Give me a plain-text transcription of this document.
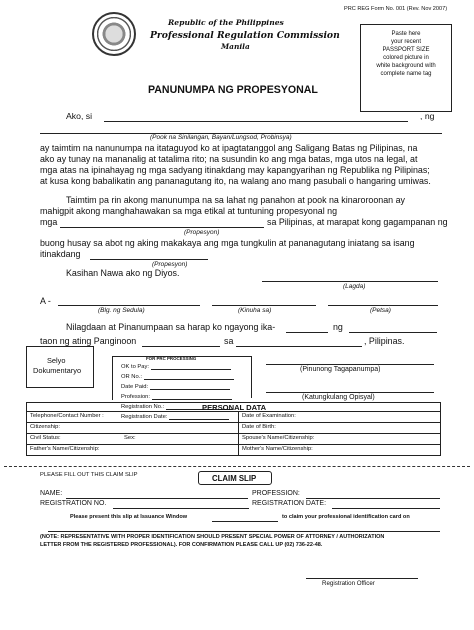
PRC REG Form No. 001 (Rev. Nov 2007)
Republic of the Philippines
Professional Regulation Commission
Manila
Paste here
your recent
PASSPORT SIZE
colored picture in
white background with
complete name tag
PANUNUMPA NG PROPESYONAL
Ako, si	, ng
(Pook na Sinilangan, Bayan/Lungsod, Probinsya)
ay taimtim na nanunumpa na itataguyod ko at ipagtatanggol ang Saligang Batas ng Pilipinas, na
ako ay tunay na mananalig at tatalima rito; na susundin ko ang mga batas, mga utos na legal, at
mga atas na ipinahayag ng mga sadyang itinakdang may kapangyarihan ng Republika ng Pilipinas;
at kusa kong babalikatin ang pananagutang ito, na walang ano mang pasubali o hangaring umiwas.
Taimtim pa rin akong manunumpa na sa lahat ng panahon at pook na kinaroroonan ay
mahigpit akong manghahawakan sa mga etikal at tuntuning propesyonal ng
mga	sa Pilipinas, at marapat kong gagampanan ng
(Propesyon)
buong husay sa abot ng aking makakaya ang mga tungkulin at pananagutang iniatang sa isang
itinakdang
(Propesyon)
Kasihan Nawa ako ng Diyos.
(Lagda)
A -
(Blg. ng Sedula)	(Kinuha sa)	(Petsa)
Nilagdaan at Pinanumpaan sa harap ko ngayong ika-	ng
taon ng ating Panginoon	sa	, Pilipinas.
Selyo
Dokumentaryo
FOR PRC PROCESSING
OK to Pay:
OR No.:
Date Paid:
Profession:
Registration No.:
Registration Date:
(Pinunong Tagapanumpa)
(Katungkulang Opisyal)
PERSONAL DATA
Telephone/Contact Number :	Date of Examination:
Citizenship:	Date of Birth:
Civil Status:	Sex:	Spouse's Name/Citizenship:
Father's Name/Citizenship:	Mother's Name/Citizenship:
PLEASE FILL OUT THIS CLAIM SLIP	CLAIM SLIP
NAME:	PROFESSION:
REGISTRATION NO.	REGISTRATION DATE:
Please present this slip at Issuance Window	to claim your professional identification card on
(NOTE: REPRESENTATIVE WITH PROPER IDENTIFICATION SHOULD PRESENT SPECIAL POWER OF ATTORNEY / AUTHORIZATION
LETTER FROM THE REGISTERED PROFESSIONAL). FOR CONFIRMATION PLEASE CALL UP (02) 736-22-48.
Registration Officer
